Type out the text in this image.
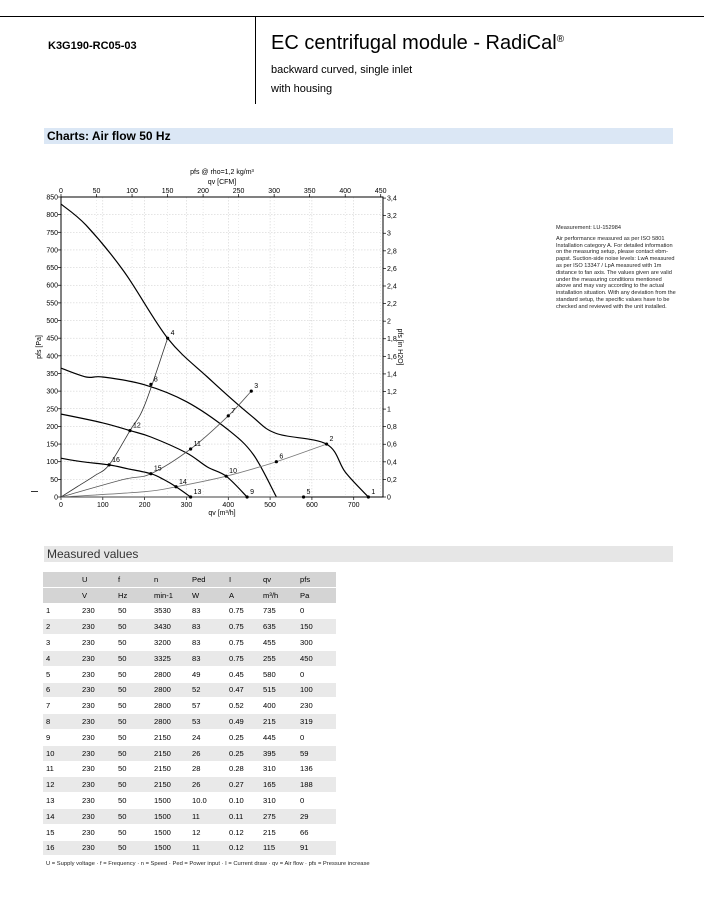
K3G190-RC05-03	EC centrifugal module - RadiCal®
backward curved, single inlet
with housing
Charts: Air flow 50 Hz
0
50
100
150
200
250
300
350
400
450
500
550
600
650
700
750
800
850
0	100	200	300	400	500	600	700
0	50	100	150	200	250	300	350	400	450
0
0,2
0,4
0,6
0,8
1
1,2
1,4
1,6
1,8
2
2,2
2,4
2,6
2,8
3
3,2
3,4
pfs @ rho=1,2 kg/m³
qv [CFM]
qv [m³/h]
pfs [Pa]	pfs [in H2O]
1
2
3
4
5
6
7
8
9
10
11
12
13
14
15
16

Measurement: LU-152984

Air performance measured as per ISO 5801 Installation category A. For detailed information on the measuring setup, please contact ebm-papst. Suction-side noise levels: LwA measured as per ISO 13347 / LpA measured with 1m distance to fan axis. The values given are valid under the measuring conditions mentioned above and may vary according to the actual installation situation. With any deviation from the standard setup, the specific values have to be checked and reviewed with the unit installed.

Measured values
	U	f	n	Ped	I	qv	pfs
	V	Hz	min-1	W	A	m³/h	Pa
1	230	50	3530	83	0.75	735	0
2	230	50	3430	83	0.75	635	150
3	230	50	3200	83	0.75	455	300
4	230	50	3325	83	0.75	255	450
5	230	50	2800	49	0.45	580	0
6	230	50	2800	52	0.47	515	100
7	230	50	2800	57	0.52	400	230
8	230	50	2800	53	0.49	215	319
9	230	50	2150	24	0.25	445	0
10	230	50	2150	26	0.25	395	59
11	230	50	2150	28	0.28	310	136
12	230	50	2150	26	0.27	165	188
13	230	50	1500	10.0	0.10	310	0
14	230	50	1500	11	0.11	275	29
15	230	50	1500	12	0.12	215	66
16	230	50	1500	11	0.12	115	91
U = Supply voltage · f = Frequency · n = Speed · Ped = Power input · I = Current draw · qv = Air flow · pfs = Pressure increase
